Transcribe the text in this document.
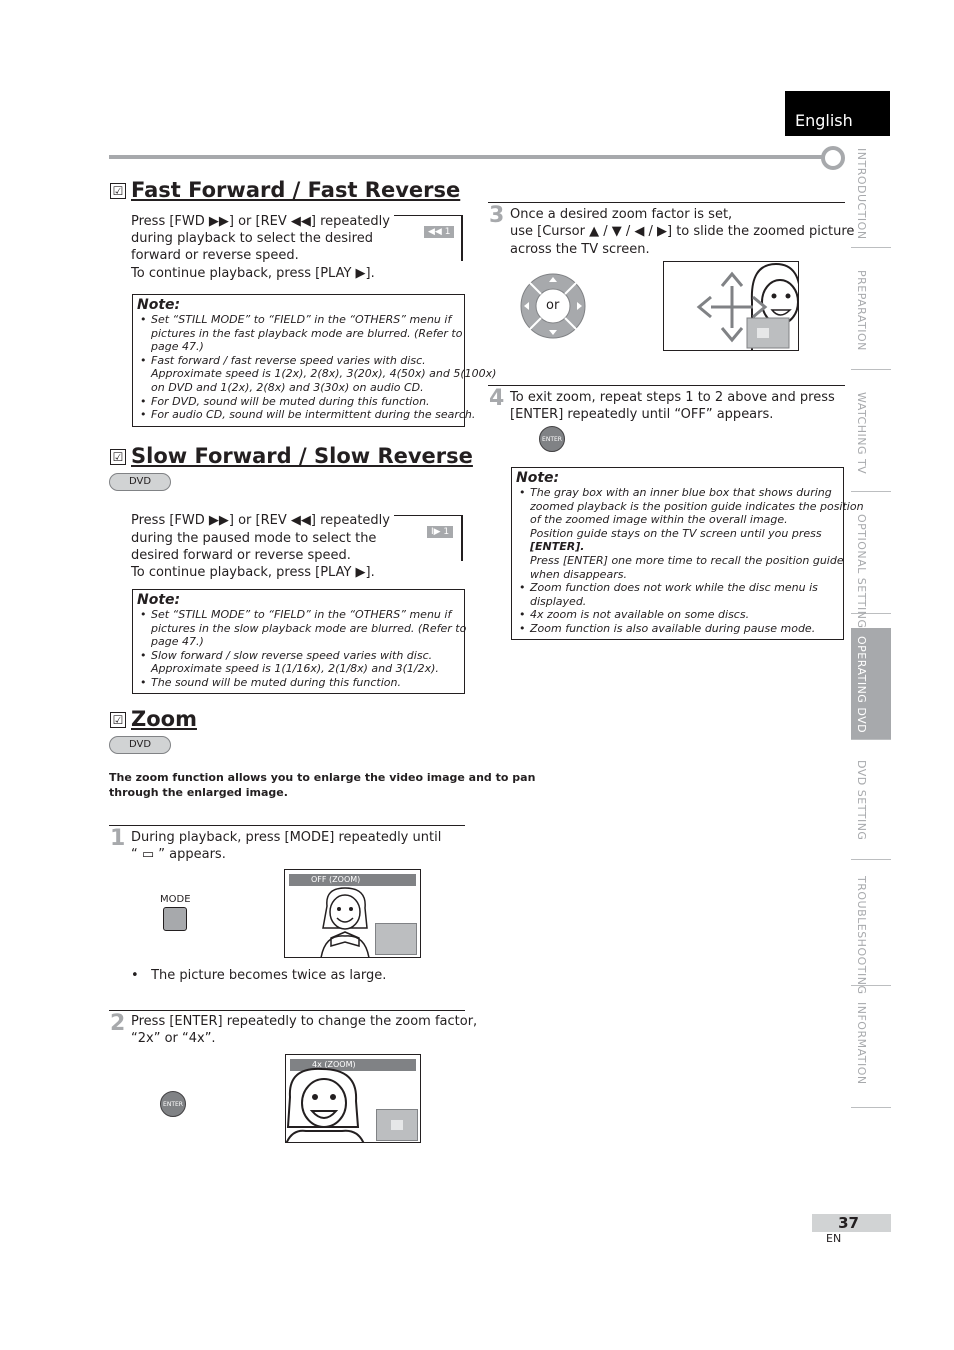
English
INTRODUCTION
PREPARATION
WATCHING TV
OPTIONAL SETTING
OPERATING DVD
DVD SETTING
TROUBLESHOOTING
INFORMATION
☑ Fast Forward / Fast Reverse
Press [FWD ▶▶] or [REV ◀◀] repeatedly
during playback to select the desired
forward or reverse speed.
To continue playback, press [PLAY ▶].
◀◀ 1
Note:
• Set “STILL MODE” to “FIELD” in the “OTHERS” menu if
pictures in the fast playback mode are blurred. (Refer to
page 47.)
• Fast forward / fast reverse speed varies with disc.
Approximate speed is 1(2x), 2(8x), 3(20x), 4(50x) and 5(100x)
on DVD and 1(2x), 2(8x) and 3(30x) on audio CD.
• For DVD, sound will be muted during this function.
• For audio CD, sound will be intermittent during the search.
☑ Slow Forward / Slow Reverse
DVD
Press [FWD ▶▶] or [REV ◀◀] repeatedly
during the paused mode to select the
desired forward or reverse speed.
To continue playback, press [PLAY ▶].
I▶ 1
Note:
• Set “STILL MODE” to “FIELD” in the “OTHERS” menu if
pictures in the slow playback mode are blurred. (Refer to
page 47.)
• Slow forward / slow reverse speed varies with disc.
Approximate speed is 1(1/16x), 2(1/8x) and 3(1/2x).
• The sound will be muted during this function.
☑ Zoom
DVD
The zoom function allows you to enlarge the video image and to pan
through the enlarged image.
1 During playback, press [MODE] repeatedly until
“ ▭ ” appears.
MODE
OFF (ZOOM)
•   The picture becomes twice as large.
2 Press [ENTER] repeatedly to change the zoom factor,
“2x” or “4x”.
ENTER
4x (ZOOM)
3 Once a desired zoom factor is set,
use [Cursor ▲ / ▼ / ◀ / ▶] to slide the zoomed picture
across the TV screen.
or
4 To exit zoom, repeat steps 1 to 2 above and press
[ENTER] repeatedly until “OFF” appears.
ENTER
Note:
• The gray box with an inner blue box that shows during
zoomed playback is the position guide indicates the position
of the zoomed image within the overall image.
Position guide stays on the TV screen until you press
[ENTER].
Press [ENTER] one more time to recall the position guide
when disappears.
• Zoom function does not work while the disc menu is
displayed.
• 4x zoom is not available on some discs.
• Zoom function is also available during pause mode.
37
EN
